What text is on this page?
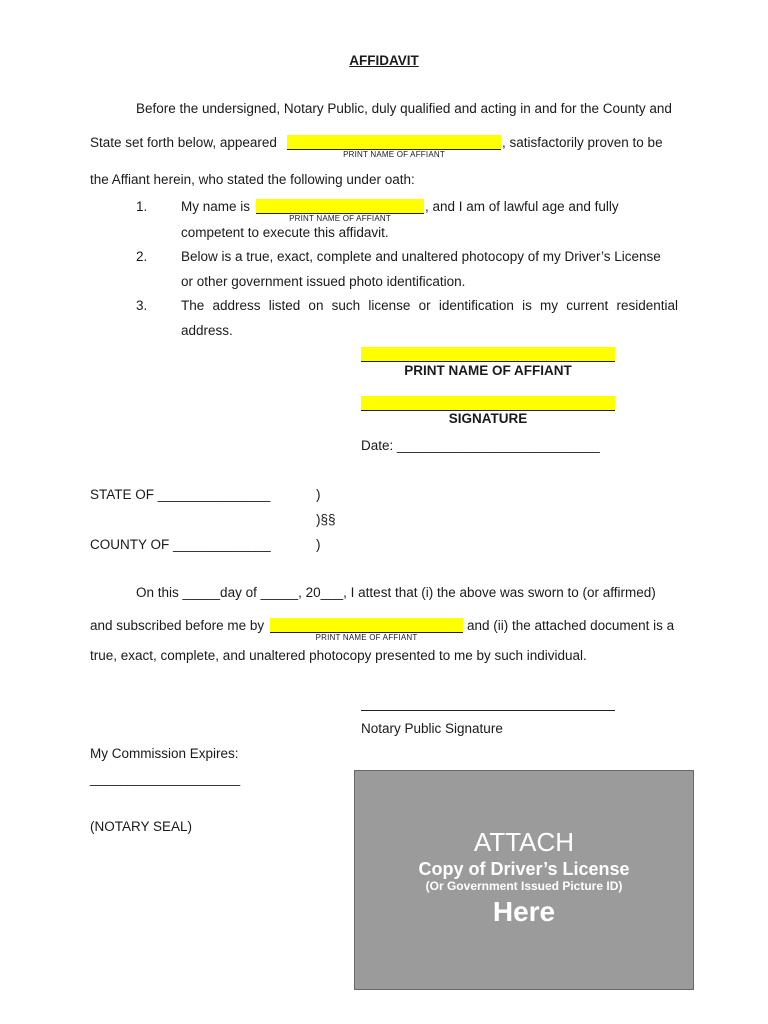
AFFIDAVIT
Before the undersigned, Notary Public, duly qualified and acting in and for the County and
State set forth below, appeared	, satisfactorily proven to be
PRINT NAME OF AFFIANT
the Affiant herein, who stated the following under oath:
1. My name is	, and I am of lawful age and fully
PRINT NAME OF AFFIANT
competent to execute this affidavit.
2. Below is a true, exact, complete and unaltered photocopy of my Driver’s License
or other government issued photo identification.
3. The address listed on such license or identification is my current residential
address.
PRINT NAME OF AFFIANT
SIGNATURE
Date: ___________________________
STATE OF _______________	)
)§§
COUNTY OF _____________	)
On this _____day of _____, 20___, I attest that (i) the above was sworn to (or affirmed)
and subscribed before me by	and (ii) the attached document is a
PRINT NAME OF AFFIANT
true, exact, complete, and unaltered photocopy presented to me by such individual.
Notary Public Signature
My Commission Expires:
____________________
(NOTARY SEAL)
ATTACH
Copy of Driver’s License
(Or Government Issued Picture ID)
Here
